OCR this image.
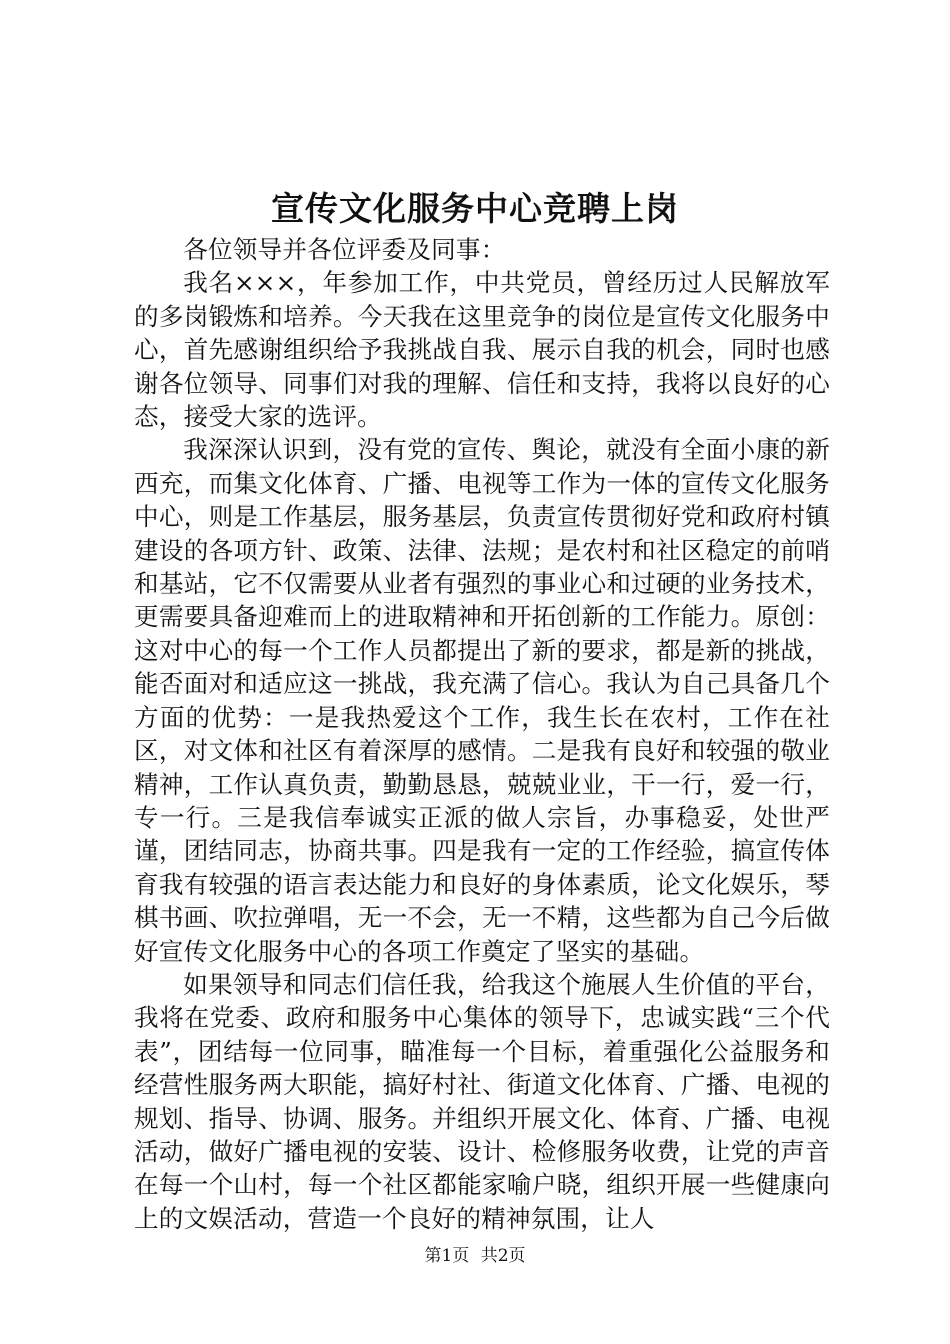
宣传文化服务中心竞聘上岗

各位领导并各位评委及同事：

我名×××，年参加工作，中共党员，曾经历过人民解放军的多岗锻炼和培养。今天我在这里竞争的岗位是宣传文化服务中心，首先感谢组织给予我挑战自我、展示自我的机会，同时也感谢各位领导、同事们对我的理解、信任和支持，我将以良好的心态，接受大家的选评。

我深深认识到，没有党的宣传、舆论，就没有全面小康的新西充，而集文化体育、广播、电视等工作为一体的宣传文化服务中心，则是工作基层，服务基层，负责宣传贯彻好党和政府村镇建设的各项方针、政策、法律、法规；是农村和社区稳定的前哨和基站，它不仅需要从业者有强烈的事业心和过硬的业务技术，更需要具备迎难而上的进取精神和开拓创新的工作能力。原创：这对中心的每一个工作人员都提出了新的要求，都是新的挑战，能否面对和适应这一挑战，我充满了信心。我认为自己具备几个方面的优势：一是我热爱这个工作，我生长在农村，工作在社区，对文体和社区有着深厚的感情。二是我有良好和较强的敬业精神，工作认真负责，勤勤恳恳，兢兢业业，干一行，爱一行，专一行。三是我信奉诚实正派的做人宗旨，办事稳妥，处世严谨，团结同志，协商共事。四是我有一定的工作经验，搞宣传体育我有较强的语言表达能力和良好的身体素质，论文化娱乐，琴棋书画、吹拉弹唱，无一不会，无一不精，这些都为自己今后做好宣传文化服务中心的各项工作奠定了坚实的基础。

如果领导和同志们信任我，给我这个施展人生价值的平台，我将在党委、政府和服务中心集体的领导下，忠诚实践“三个代表”，团结每一位同事，瞄准每一个目标，着重强化公益服务和经营性服务两大职能，搞好村社、街道文化体育、广播、电视的规划、指导、协调、服务。并组织开展文化、体育、广播、电视活动，做好广播电视的安装、设计、检修服务收费，让党的声音在每一个山村，每一个社区都能家喻户晓，组织开展一些健康向上的文娱活动，营造一个良好的精神氛围，让人

第1页 共2页
